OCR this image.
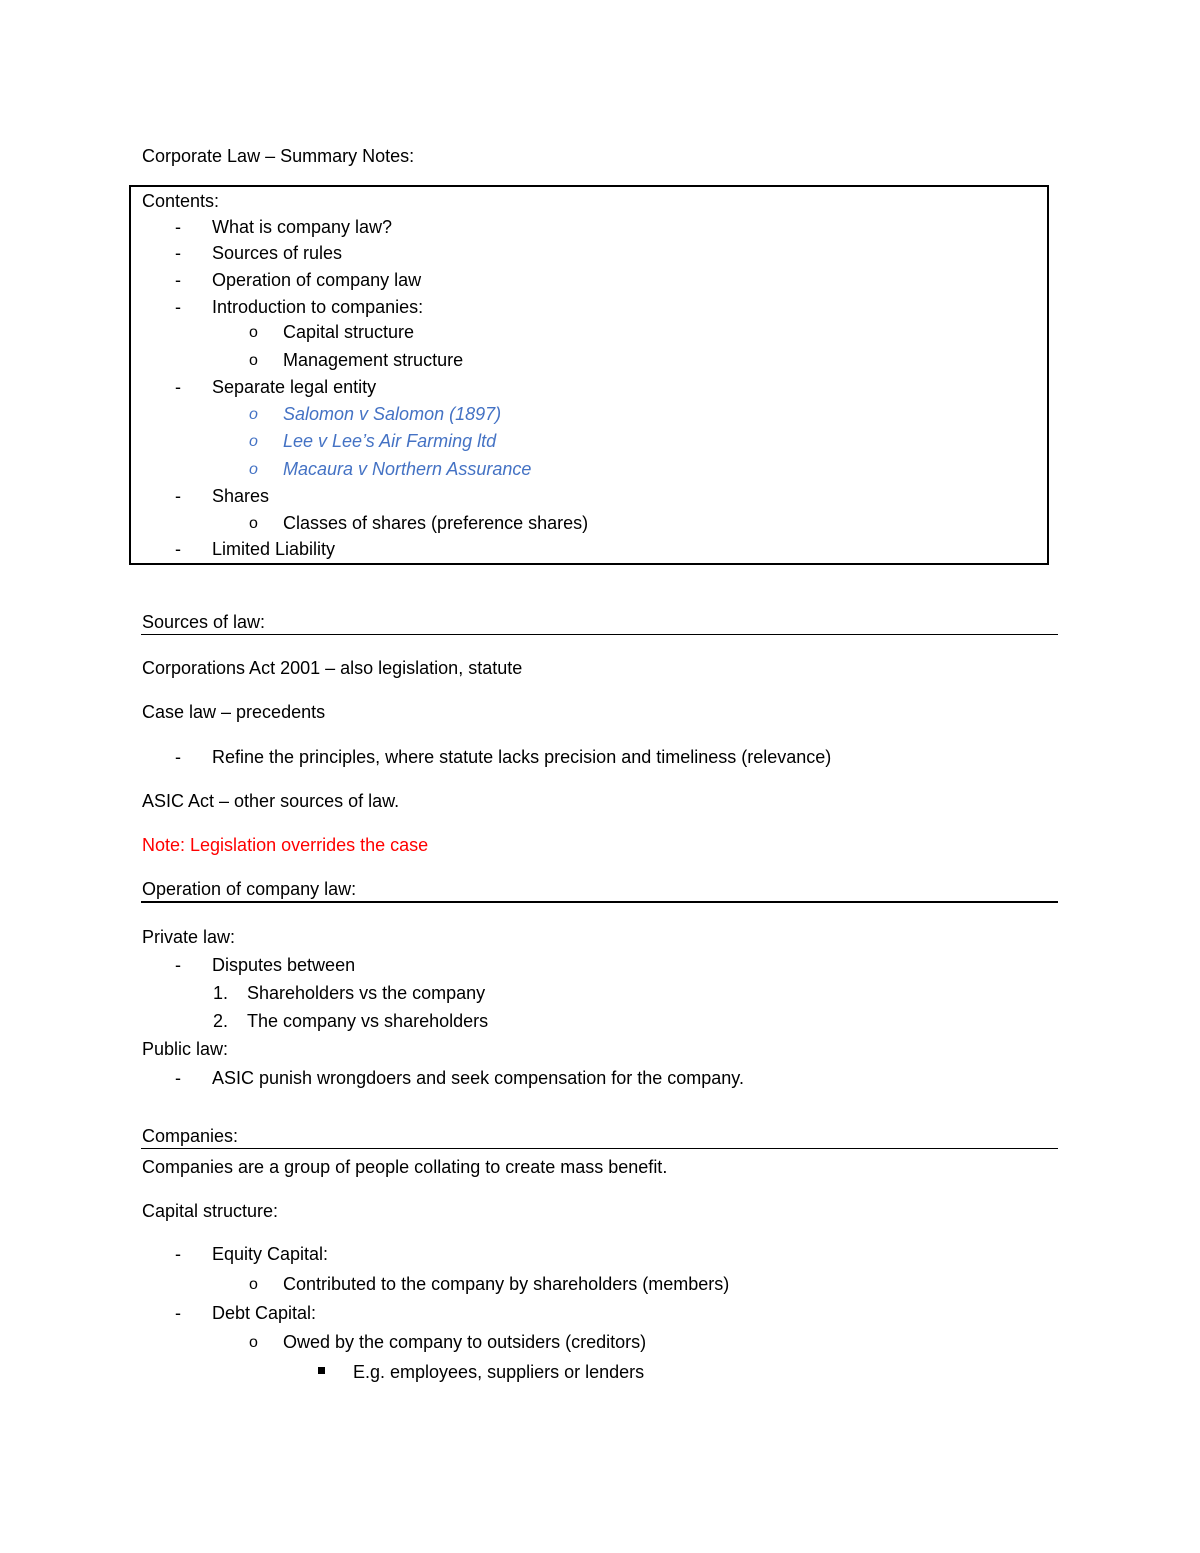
Corporate Law – Summary Notes:
Contents:
- What is company law?
- Sources of rules
- Operation of company law
- Introduction to companies:
o Capital structure
o Management structure
- Separate legal entity
o Salomon v Salomon (1897)
o Lee v Lee’s Air Farming ltd
o Macaura v Northern Assurance
- Shares
o Classes of shares (preference shares)
- Limited Liability
Sources of law:
Corporations Act 2001 – also legislation, statute
Case law – precedents
- Refine the principles, where statute lacks precision and timeliness (relevance)
ASIC Act – other sources of law.
Note: Legislation overrides the case
Operation of company law:
Private law:
- Disputes between
1. Shareholders vs the company
2. The company vs shareholders
Public law:
- ASIC punish wrongdoers and seek compensation for the company.
Companies:
Companies are a group of people collating to create mass benefit.
Capital structure:
- Equity Capital:
o Contributed to the company by shareholders (members)
- Debt Capital:
o Owed by the company to outsiders (creditors)
E.g. employees, suppliers or lenders
